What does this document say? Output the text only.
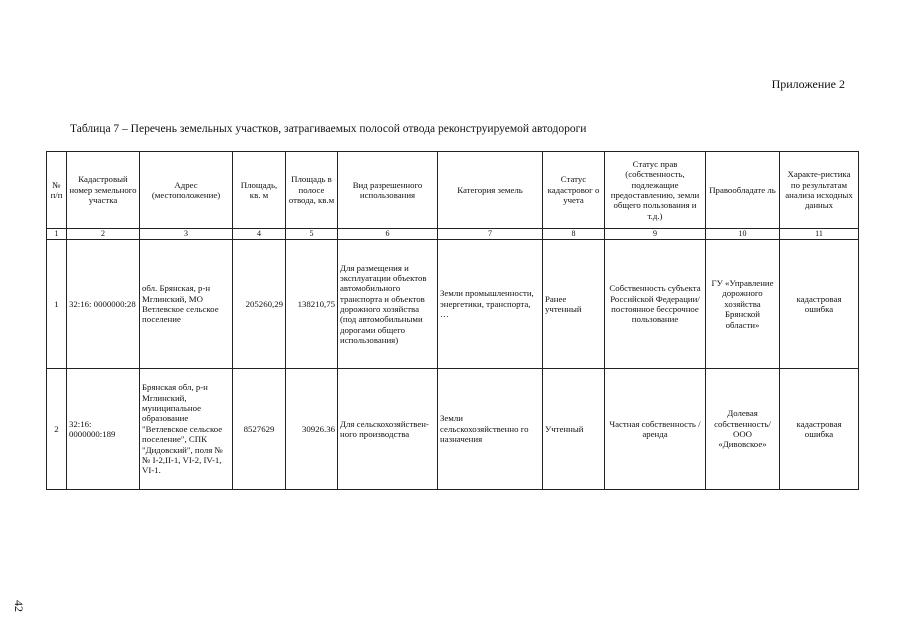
Приложение 2
Таблица 7 – Перечень земельных участков, затрагиваемых полосой отвода реконструируемой автодороги
№ п/п	Кадастровый номер земельного участка	Адрес (местоположение)	Площадь, кв. м	Площадь в полосе отвода, кв.м	Вид разрешенного использования	Категория земель	Статус кадастровог о учета	Статус прав (собственность, подлежащие предоставлению, земли общего пользования и т.д.)	Правообладате ль	Характе-ристика по результатам анализа исходных данных
1	2	3	4	5	6	7	8	9	10	11
1	32:16: 0000000:28	обл. Брянская, р-н Мглинский, МО Ветлевское сельское поселение	205260,29	138210,75	Для размещения и эксплуатации объектов автомобильного транспорта и объектов дорожного хозяйства (под автомобильными дорогами общего использования)	Земли промышленности, энергетики, транспорта, …	Ранее учтенный	Собственность субъекта Российской Федерации/ постоянное бессрочное пользование	ГУ «Управление дорожного хозяйства Брянской области»	кадастровая ошибка
2	32:16: 0000000:189	Брянская обл, р-н Мглинский, муниципальное образование "Ветлевское сельское поселение", СПК "Дидовский", поля №№ I-2,II-1, VI-2, IV-1, VI-1.	8527629	30926.36	Для сельскохозяйствен-ного производства	Земли сельскохозяйственно го назначения	Учтенный	Частная собственность /аренда	Долевая собственность/ ООО «Дивовское»	кадастровая ошибка
42
